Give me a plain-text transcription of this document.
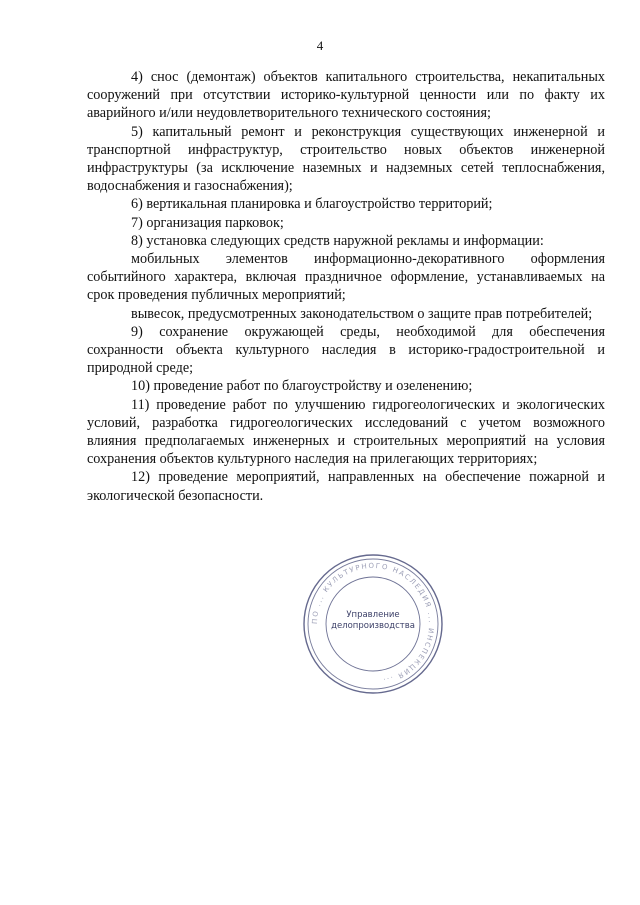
4

4) снос (демонтаж) объектов капитального строительства, некапитальных сооружений при отсутствии историко-культурной ценности или по факту их аварийного и/или неудовлетворительного технического состояния;

5) капитальный ремонт и реконструкция существующих инженерной и транспортной инфраструктур, строительство новых объектов инженерной инфраструктуры (за исключение наземных и надземных сетей теплоснабжения, водоснабжения и газоснабжения);

6) вертикальная планировка и благоустройство территорий;

7) организация парковок;

8) установка следующих средств наружной рекламы и информации:

мобильных элементов информационно-декоративного оформления событийного характера, включая праздничное оформление, устанавливаемых на срок проведения публичных мероприятий;

вывесок, предусмотренных законодательством о защите прав потребителей;

9) сохранение окружающей среды, необходимой для обеспечения сохранности объекта культурного наследия в историко-градостроительной и природной среде;

10) проведение работ по благоустройству и озеленению;

11) проведение работ по улучшению гидрогеологических и экологических условий, разработка гидрогеологических исследований с учетом возможного влияния предполагаемых инженерных и строительных мероприятий на условия сохранения объектов культурного наследия на прилегающих территориях;

12) проведение мероприятий, направленных на обеспечение пожарной и экологической безопасности.

ПО ... КУЛЬТУРНОГО НАСЛЕДИЯ ... ИНСПЕКЦИЯ ...
Управление
делопроизводства
